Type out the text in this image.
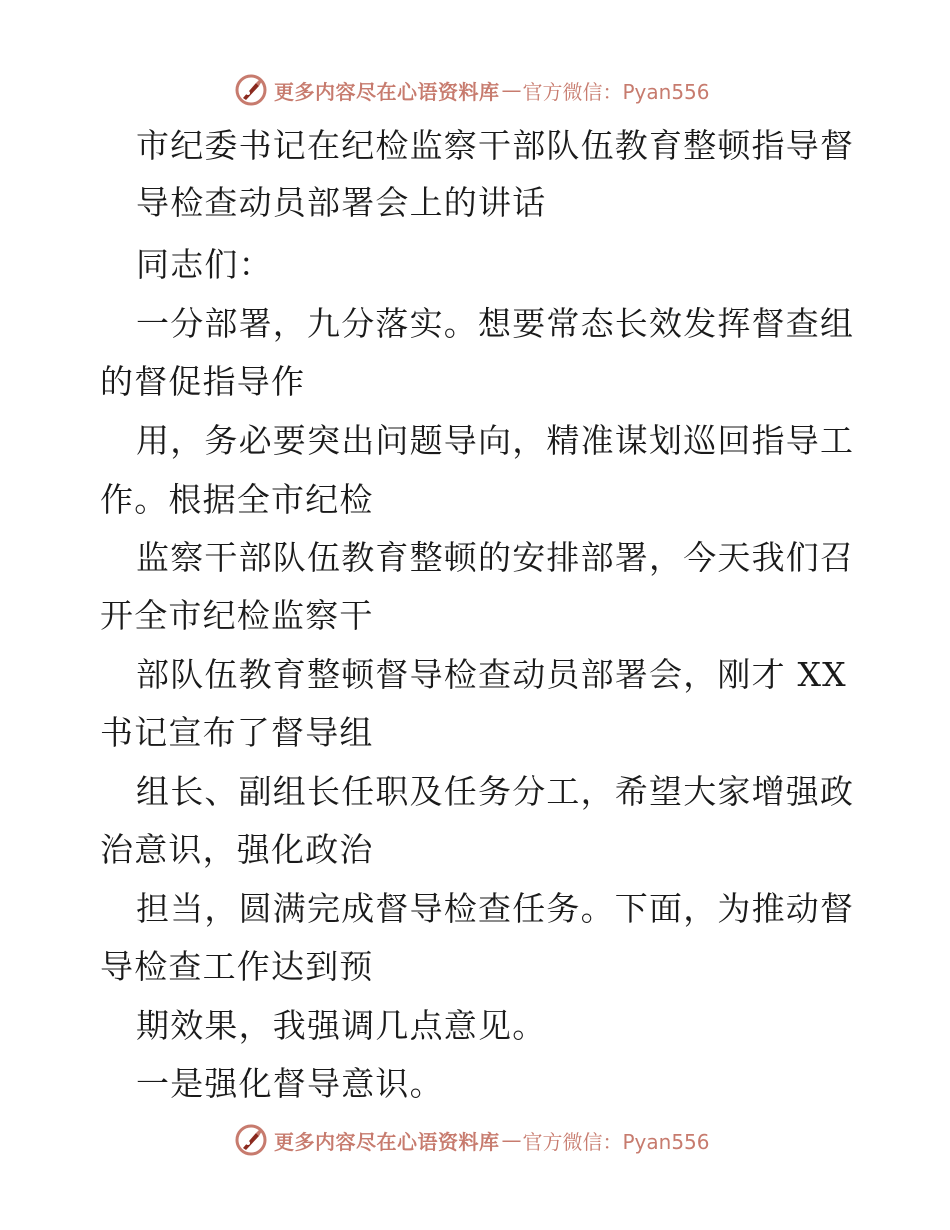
更多内容尽在心语资料库 — 官方微信：Pyan556
市纪委书记在纪检监察干部队伍教育整顿指导督
导检查动员部署会上的讲话
同志们：
一分部署，九分落实。想要常态长效发挥督查组
的督促指导作
用，务必要突出问题导向，精准谋划巡回指导工
作。根据全市纪检
监察干部队伍教育整顿的安排部署，今天我们召
开全市纪检监察干
部队伍教育整顿督导检查动员部署会，刚才 XX
书记宣布了督导组
组长、副组长任职及任务分工，希望大家增强政
治意识，强化政治
担当，圆满完成督导检查任务。下面，为推动督
导检查工作达到预
期效果，我强调几点意见。
一是强化督导意识。
更多内容尽在心语资料库 — 官方微信：Pyan556
